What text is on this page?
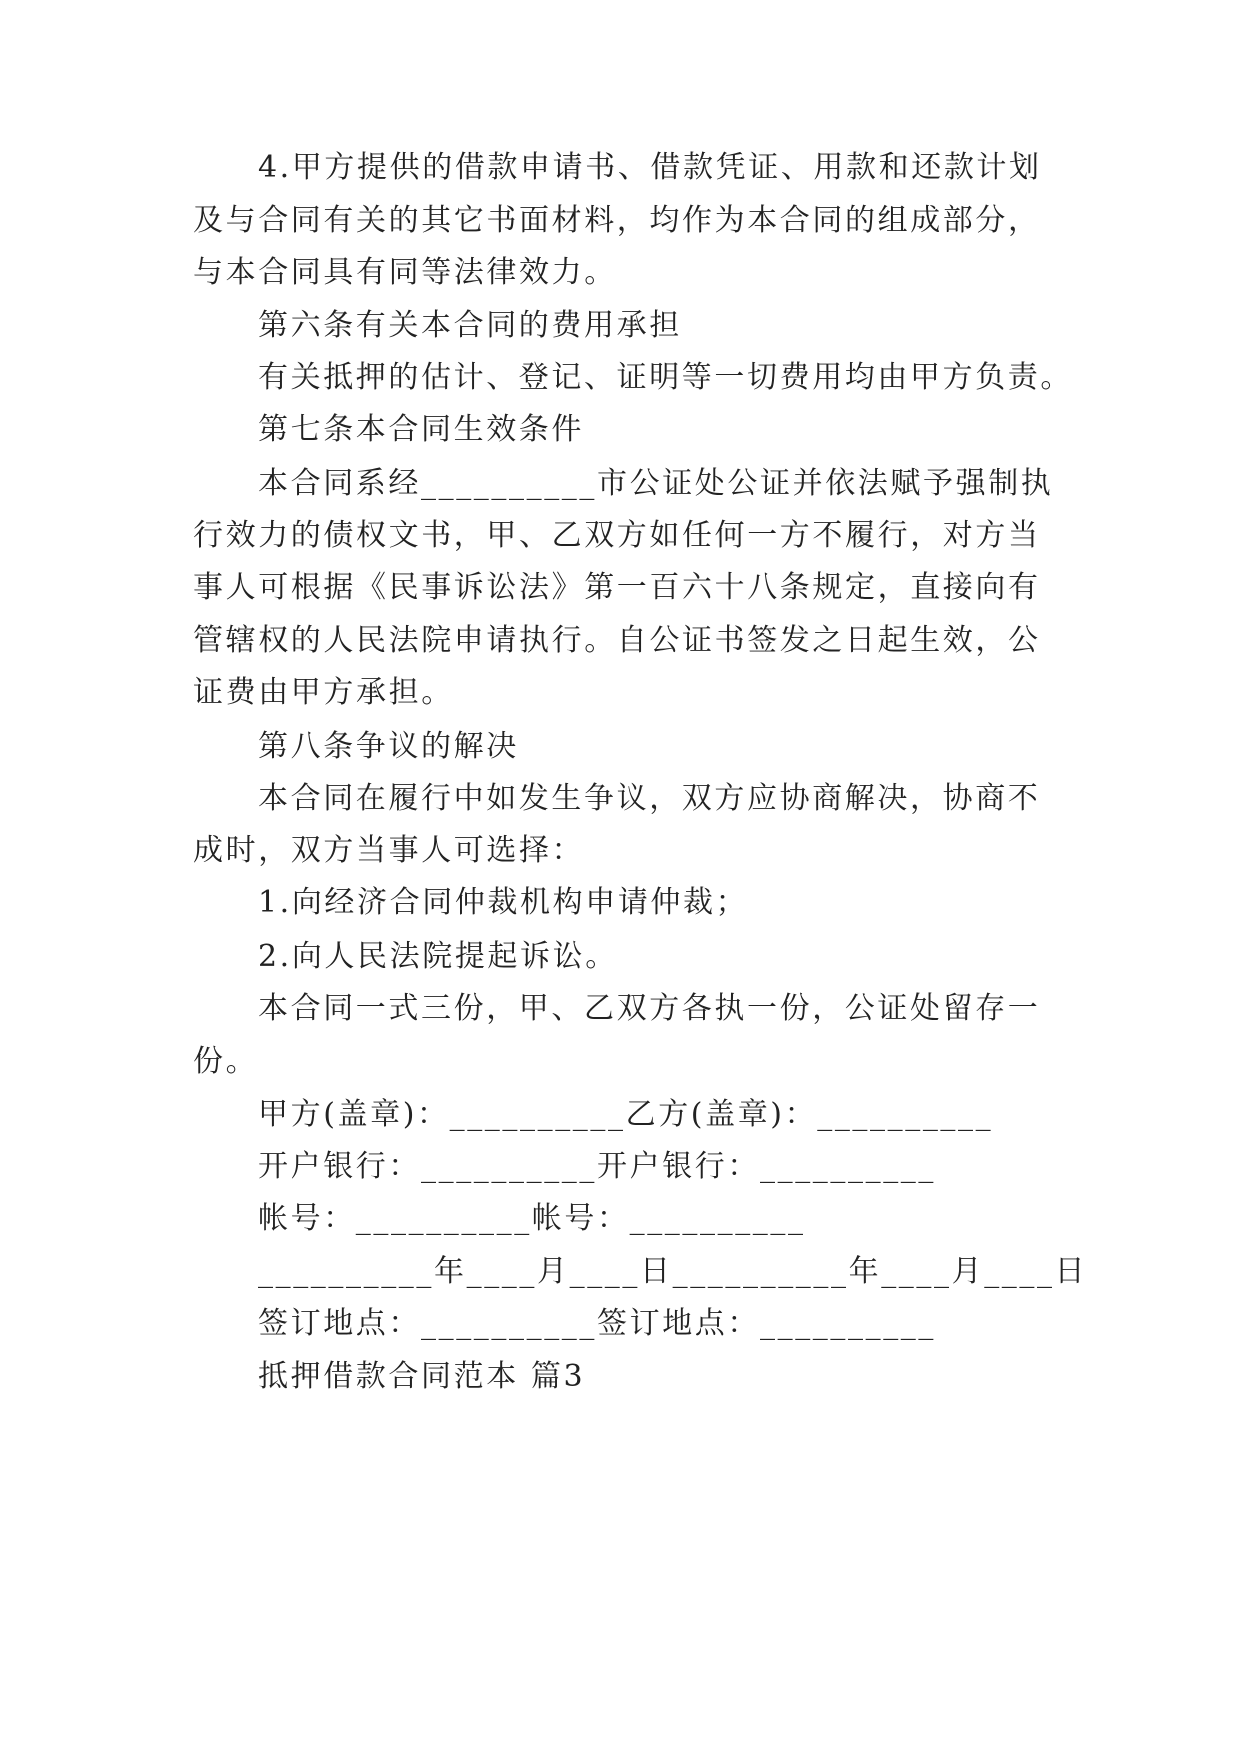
4.甲方提供的借款申请书、借款凭证、用款和还款计划
及与合同有关的其它书面材料，均作为本合同的组成部分，
与本合同具有同等法律效力。
第六条有关本合同的费用承担
有关抵押的估计、登记、证明等一切费用均由甲方负责。
第七条本合同生效条件
本合同系经__________市公证处公证并依法赋予强制执
行效力的债权文书，甲、乙双方如任何一方不履行，对方当
事人可根据《民事诉讼法》第一百六十八条规定，直接向有
管辖权的人民法院申请执行。自公证书签发之日起生效，公
证费由甲方承担。
第八条争议的解决
本合同在履行中如发生争议，双方应协商解决，协商不
成时，双方当事人可选择：
1.向经济合同仲裁机构申请仲裁；
2.向人民法院提起诉讼。
本合同一式三份，甲、乙双方各执一份，公证处留存一
份。
甲方(盖章)：__________乙方(盖章)：__________
开户银行：__________开户银行：__________
帐号：__________帐号：__________
__________年____月____日__________年____月____日
签订地点：__________签订地点：__________
抵押借款合同范本 篇3
